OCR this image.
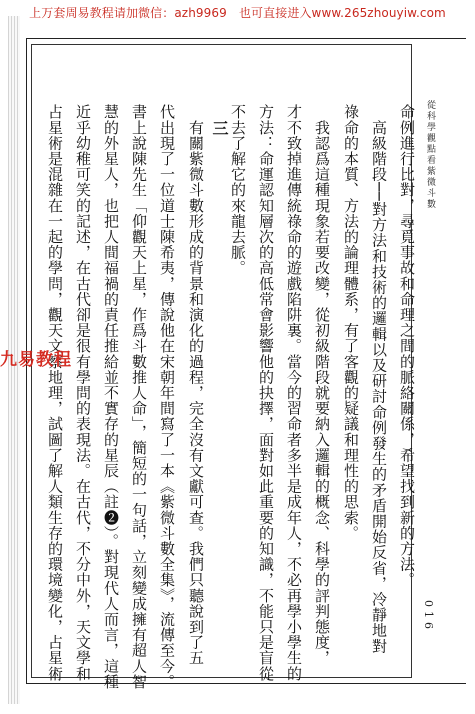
上万套周易教程请加微信：azh9969　也可直接进入www.265zhouyiw.com
從科學觀點看紫微斗數
016
命例進行比對，尋覓事故和命理之間的脈絡關係，希望找到新的方法。
　高級階段──對方法和技術的邏輯以及研討命例發生的矛盾開始反省，冷靜地對
祿命的本質、方法的論理體系，有了客觀的疑議和理性的思索。
　我認爲這種現象若要改變，從初級階段就要納入邏輯的概念、科學的評判態度，
才不致掉進傳統祿命的遊戲陷阱裏。當今的習命者多半是成年人，不必再學小學生的
方法：命運認知層次的高低常會影響他的抉擇，面對如此重要的知識，不能只是盲從
不去了解它的來龍去脈。
三
　有關紫微斗數形成的背景和演化的過程，完全沒有文獻可查。我們只聽說到了五
代出現了一位道士陳希夷，傳說他在宋朝年間寫了一本《紫微斗數全集》，流傳至今。
書上說陳先生「仰觀天上星，作爲斗數推人命」，簡短的一句話，立刻變成擁有超人智
慧的外星人，也把人間福禍的責任推給並不實存的星辰（註❷）。對現代人而言，這種
近乎幼稚可笑的記述，在古代卻是很有學問的表現法。在古代，不分中外，天文學和
占星術是混雜在一起的學問，觀天文察地理，試圖了解人類生存的環境變化，占星術
九易教程
